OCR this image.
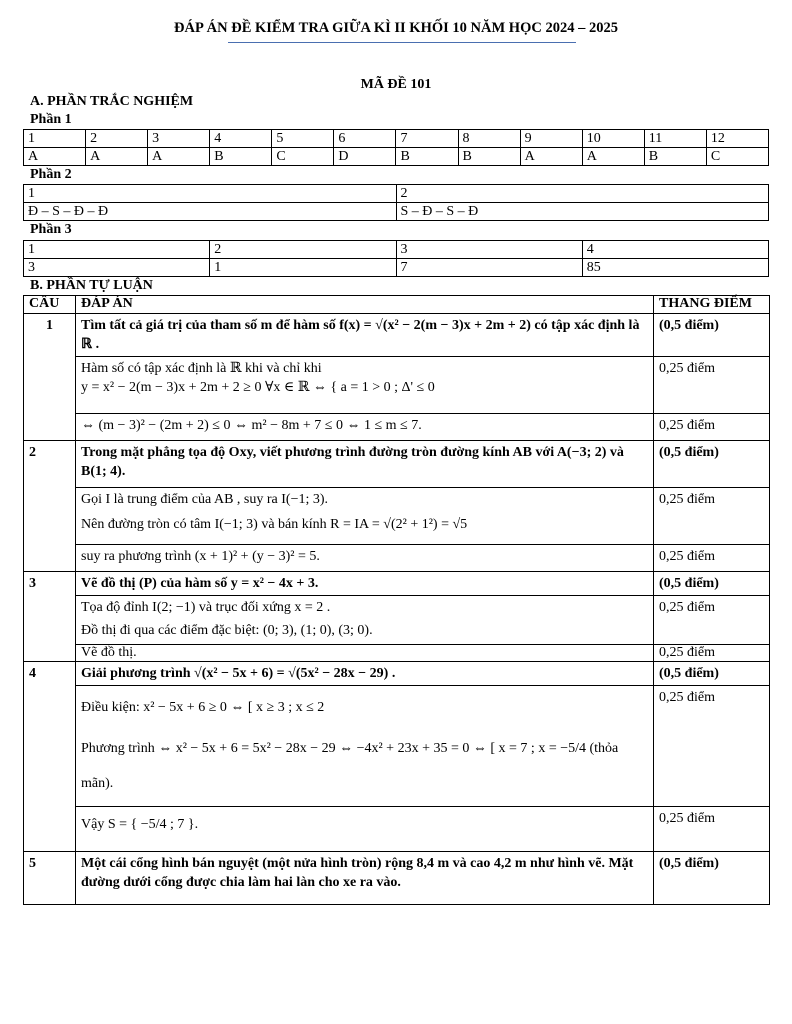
ĐÁP ÁN ĐỀ KIỂM TRA GIỮA KÌ II KHỐI 10 NĂM HỌC 2024 – 2025
MÃ ĐỀ 101
A. PHẦN TRẮC NGHIỆM
Phần 1
1	2	3	4	5	6	7	8	9	10	11	12
A	A	A	B	C	D	B	B	A	A	B	C
Phần 2
1	2
Đ – S – Đ – Đ	S – Đ – S – Đ
Phần 3
1	2	3	4
3	1	7	85
B. PHẦN TỰ LUẬN
CÂU	ĐÁP ÁN	THANG ĐIỂM
1	Tìm tất cả giá trị của tham số m để hàm số f(x) = √(x² − 2(m − 3)x + 2m + 2) có tập xác định là ℝ .	(0,5 điểm)

	Hàm số có tập xác định là ℝ khi và chỉ khi
y = x² − 2(m − 3)x + 2m + 2 ≥ 0 ∀x ∈ ℝ ⇔ { a = 1 > 0 ; Δ' ≤ 0	0,25 điểm
	⇔ (m − 3)² − (2m + 2) ≤ 0 ⇔ m² − 8m + 7 ≤ 0 ⇔ 1 ≤ m ≤ 7.	0,25 điểm
2	Trong mặt phẳng tọa độ Oxy, viết phương trình đường tròn đường kính AB với A(−3; 2) và B(1; 4).	(0,5 điểm)

	Gọi I là trung điểm của AB , suy ra I(−1; 3).
Nên đường tròn có tâm I(−1; 3) và bán kính R = IA = √(2² + 1²) = √5	0,25 điểm
	suy ra phương trình (x + 1)² + (y − 3)² = 5.	0,25 điểm
3	Vẽ đồ thị (P) của hàm số y = x² − 4x + 3.	(0,5 điểm)

	Tọa độ đỉnh I(2; −1) và trục đối xứng x = 2 .
Đồ thị đi qua các điểm đặc biệt: (0; 3), (1; 0), (3; 0).	0,25 điểm
	Vẽ đồ thị.	0,25 điểm
4	Giải phương trình √(x² − 5x + 6) = √(5x² − 28x − 29) .	(0,5 điểm)

	Điều kiện: x² − 5x + 6 ≥ 0 ⇔ [ x ≥ 3 ; x ≤ 2
Phương trình ⇔ x² − 5x + 6 = 5x² − 28x − 29 ⇔ −4x² + 23x + 35 = 0 ⇔ [ x = 7 ; x = −5/4 (thỏa
mãn).	0,25 điểm
	Vậy S = { −5/4 ; 7 }.	0,25 điểm
5	Một cái cổng hình bán nguyệt (một nửa hình tròn) rộng 8,4 m và cao 4,2 m như hình vẽ. Mặt đường dưới cổng được chia làm hai làn cho xe ra vào.	(0,5 điểm)
